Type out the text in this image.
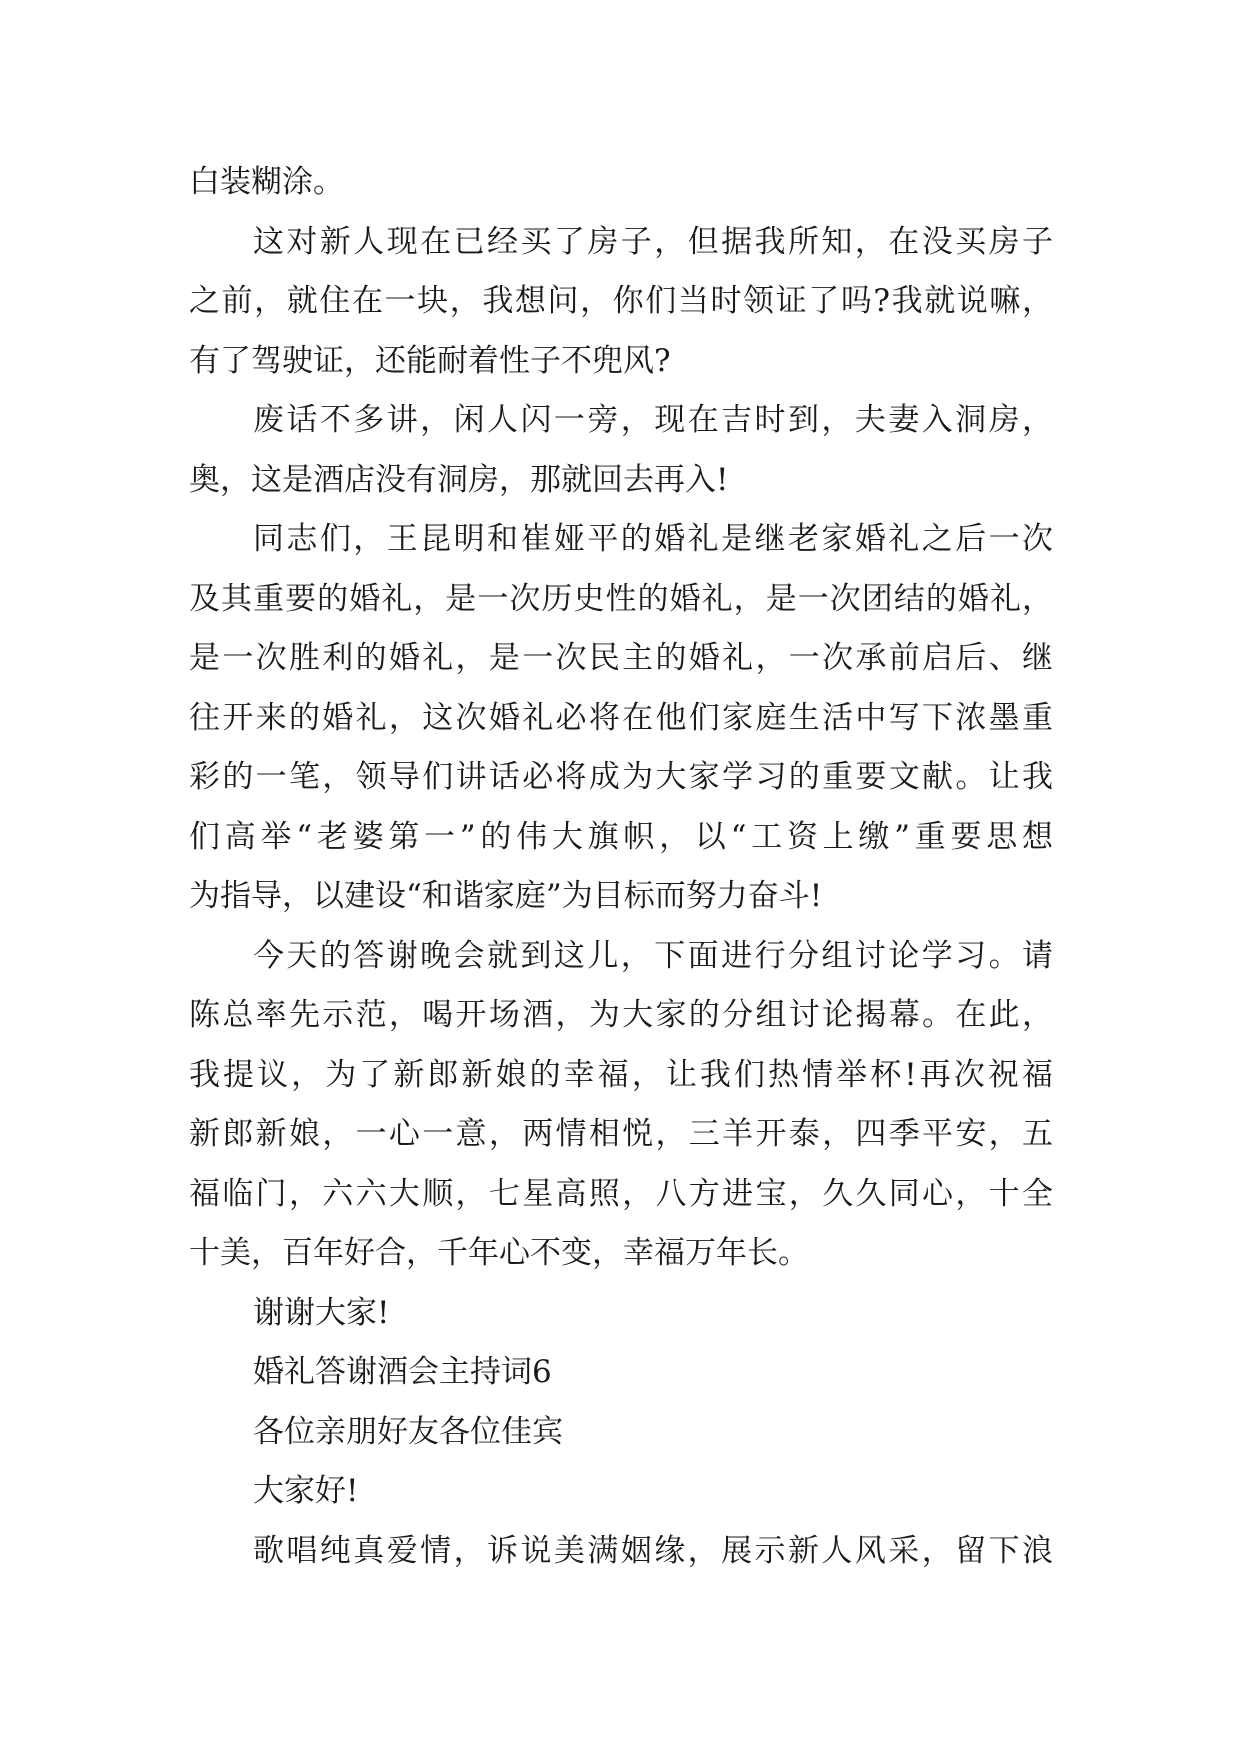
白装糊涂。
这对新人现在已经买了房子，但据我所知，在没买房子
之前，就住在一块，我想问，你们当时领证了吗?我就说嘛，
有了驾驶证，还能耐着性子不兜风?
废话不多讲，闲人闪一旁，现在吉时到，夫妻入洞房，
奥，这是酒店没有洞房，那就回去再入!
同志们，王昆明和崔娅平的婚礼是继老家婚礼之后一次
及其重要的婚礼，是一次历史性的婚礼，是一次团结的婚礼，
是一次胜利的婚礼，是一次民主的婚礼，一次承前启后、继
往开来的婚礼，这次婚礼必将在他们家庭生活中写下浓墨重
彩的一笔，领导们讲话必将成为大家学习的重要文献。让我
们高举“老婆第一”的伟大旗帜，以“工资上缴”重要思想
为指导，以建设“和谐家庭”为目标而努力奋斗!
今天的答谢晚会就到这儿，下面进行分组讨论学习。请
陈总率先示范，喝开场酒，为大家的分组讨论揭幕。在此，
我提议，为了新郎新娘的幸福，让我们热情举杯!再次祝福
新郎新娘，一心一意，两情相悦，三羊开泰，四季平安，五
福临门，六六大顺，七星高照，八方进宝，久久同心，十全
十美，百年好合，千年心不变，幸福万年长。
谢谢大家!
婚礼答谢酒会主持词6
各位亲朋好友各位佳宾
大家好!
歌唱纯真爱情，诉说美满姻缘，展示新人风采，留下浪
